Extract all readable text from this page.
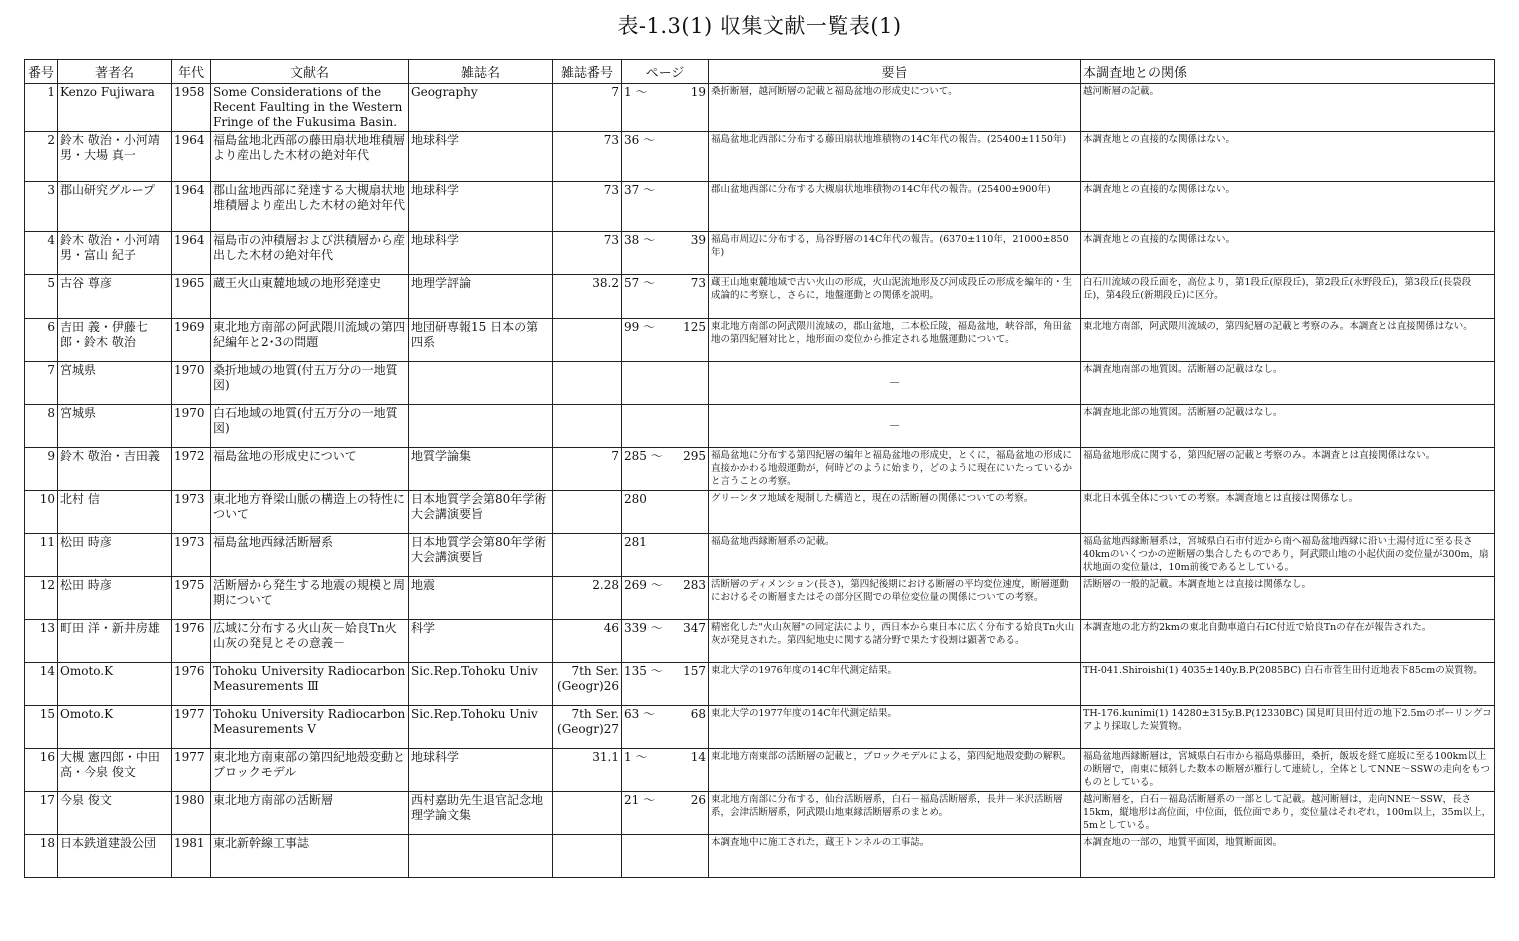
表-1.3(1) 収集文献一覧表(1)
番号	著者名	年代	文献名	雑誌名	雑誌番号	ページ	要旨	本調査地との関係
1	Kenzo Fujiwara	1958	Some Considerations of the Recent Faulting in the Western Fringe of the Fukusima Basin.	Geography	7	1 ～ 19	桑折断層，越河断層の記載と福島盆地の形成史について。	越河断層の記載。
2	鈴木 敬治・小河靖男・大場 真一	1964	福島盆地北西部の藤田扇状地堆積層より産出した木材の絶対年代	地球科学	73	36 ～	福島盆地北西部に分布する藤田扇状地堆積物の14C年代の報告。(25400±1150年)	本調査地との直接的な関係はない。
3	郡山研究グループ	1964	郡山盆地西部に発達する大槻扇状地堆積層より産出した木材の絶対年代	地球科学	73	37 ～	郡山盆地西部に分布する大槻扇状地堆積物の14C年代の報告。(25400±900年)	本調査地との直接的な関係はない。
4	鈴木 敬治・小河靖男・富山 紀子	1964	福島市の沖積層および洪積層から産出した木材の絶対年代	地球科学	73	38 ～ 39	福島市周辺に分布する，鳥谷野層の14C年代の報告。(6370±110年，21000±850年)	本調査地との直接的な関係はない。
5	古谷 尊彦	1965	蔵王火山東麓地域の地形発達史	地理学評論	38.2	57 ～ 73	蔵王山地東麓地域で古い火山の形成，火山泥流地形及び河成段丘の形成を編年的・生成論的に考察し，さらに，地盤運動との関係を説明。	白石川流域の段丘面を，高位より，第1段丘(原段丘)，第2段丘(永野段丘)，第3段丘(長袋段丘)，第4段丘(新期段丘)に区分。
6	吉田 義・伊藤七郎・鈴木 敬治	1969	東北地方南部の阿武隈川流域の第四紀編年と2･3の問題	地団研専報15 日本の第四系		99 ～ 125	東北地方南部の阿武隈川流域の，郡山盆地，二本松丘陵，福島盆地，峡谷部，角田盆地の第四紀層対比と，地形面の変位から推定される地盤運動について。	東北地方南部，阿武隈川流域の，第四紀層の記載と考察のみ。本調査とは直接関係はない。
7	宮城県	1970	桑折地域の地質(付五万分の一地質図)				－	本調査地南部の地質図。活断層の記載はなし。
8	宮城県	1970	白石地域の地質(付五万分の一地質図)				－	本調査地北部の地質図。活断層の記載はなし。
9	鈴木 敬治・吉田義	1972	福島盆地の形成史について	地質学論集	7	285 ～ 295	福島盆地に分布する第四紀層の編年と福島盆地の形成史，とくに，福島盆地の形成に直接かかわる地殻運動が，何時どのように始まり，どのように現在にいたっているかと言うことの考察。	福島盆地形成に関する，第四紀層の記載と考察のみ。本調査とは直接関係はない。
10	北村 信	1973	東北地方脊梁山脈の構造上の特性について	日本地質学会第80年学術大会講演要旨		280	グリーンタフ地域を規制した構造と，現在の活断層の関係についての考察。	東北日本弧全体についての考察。本調査地とは直接は関係なし。
11	松田 時彦	1973	福島盆地西縁活断層系	日本地質学会第80年学術大会講演要旨		281	福島盆地西縁断層系の記載。	福島盆地西縁断層系は，宮城県白石市付近から南へ福島盆地西縁に沿い土湯付近に至る長さ40kmのいくつかの逆断層の集合したものであり，阿武隈山地の小起伏面の変位量が300m，扇状地面の変位量は，10m前後であるとしている。
12	松田 時彦	1975	活断層から発生する地震の規模と周期について	地震	2.28	269 ～ 283	活断層のディメンション(長さ)，第四紀後期における断層の平均変位速度，断層運動におけるその断層またはその部分区間での単位変位量の関係についての考察。	活断層の一般的記載。本調査地とは直接は関係なし。
13	町田 洋・新井房雄	1976	広域に分布する火山灰－姶良Tn火山灰の発見とその意義－	科学	46	339 ～ 347	精密化した"火山灰層"の同定法により，西日本から東日本に広く分布する姶良Tn火山灰が発見された。第四紀地史に関する諸分野で果たす役割は顕著である。	本調査地の北方約2kmの東北自動車道白石IC付近で姶良Tnの存在が報告された。
14	Omoto.K	1976	Tohoku University Radiocarbon Measurements Ⅲ	Sic.Rep.Tohoku Univ	7th Ser.(Geogr)26	135 ～ 157	東北大学の1976年度の14C年代測定結果。	TH-041.Shiroishi(1) 4035±140y.B.P(2085BC) 白石市菅生田付近地表下85cmの炭質物。
15	Omoto.K	1977	Tohoku University Radiocarbon Measurements Ⅴ	Sic.Rep.Tohoku Univ	7th Ser.(Geogr)27	63 ～ 68	東北大学の1977年度の14C年代測定結果。	TH-176.kunimi(1) 14280±315y.B.P(12330BC) 国見町貝田付近の地下2.5mのボーリングコアより採取した炭質物。
16	大槻 憲四郎・中田 高・今泉 俊文	1977	東北地方南東部の第四紀地殻変動とブロックモデル	地球科学	31.1	1 ～ 14	東北地方南東部の活断層の記載と，ブロックモデルによる，第四紀地殻変動の解釈。	福島盆地西縁断層は，宮城県白石市から福島県藤田，桑折，飯坂を経て庭坂に至る100km以上の断層で，南東に傾斜した数本の断層が雁行して連続し，全体としてNNE～SSWの走向をもつものとしている。
17	今泉 俊文	1980	東北地方南部の活断層	西村嘉助先生退官記念地理学論文集		21 ～ 26	東北地方南部に分布する，仙台活断層系，白石－福島活断層系，長井－米沢活断層系，会津活断層系，阿武隈山地東縁活断層系のまとめ。	越河断層を，白石－福島活断層系の一部として記載。越河断層は，走向NNE～SSW，長さ15km，縦地形は高位面，中位面，低位面であり，変位量はそれぞれ，100m以上，35m以上，5mとしている。
18	日本鉄道建設公団	1981	東北新幹線工事誌				本調査地中に施工された，蔵王トンネルの工事誌。	本調査地の一部の，地質平面図，地質断面図。
